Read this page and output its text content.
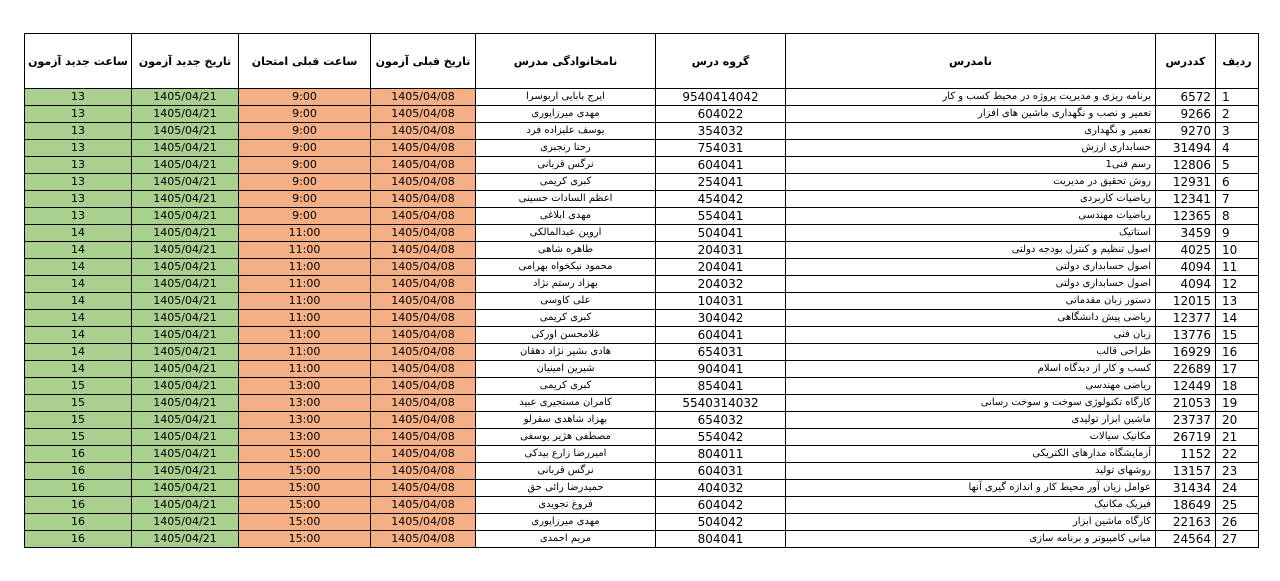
ساعت جدید آزمون	تاریخ جدید آزمون	ساعت قبلی امتحان	تاریخ قبلی آزمون	نامخانوادگی مدرس	گروه درس	نامدرس	كددرس	رديف
13	1405/04/21	9:00	1405/04/08	ایرج بابایی اربوسرا	9540414042	برنامه ریزی و مدیریت پروژه در محیط کسب و کار	6572	1
13	1405/04/21	9:00	1405/04/08	مهدی میرزاپوری	604022	تعمیر و نصب و نگهداری ماشین های افزار	9266	2
13	1405/04/21	9:00	1405/04/08	یوسف علیزاده فرد	354032	تعمیر و نگهداری	9270	3
13	1405/04/21	9:00	1405/04/08	رحنا رنجبری	754031	حسابداری ارزش	31494	4
13	1405/04/21	9:00	1405/04/08	نرگس قربانی	604041	رسم فنی1	12806	5
13	1405/04/21	9:00	1405/04/08	کبری کریمی	254041	روش تحقیق در مدیریت	12931	6
13	1405/04/21	9:00	1405/04/08	اعظم السادات حسینی	454042	ریاضیات کاربردی	12341	7
13	1405/04/21	9:00	1405/04/08	مهدی ابلاغی	554041	ریاضیات مهندسی	12365	8
14	1405/04/21	11:00	1405/04/08	اروین عبدالمالکی	504041	استاتیک	3459	9
14	1405/04/21	11:00	1405/04/08	طاهره شاهی	204031	اصول تنظیم و کنترل بودجه دولتی	4025	10
14	1405/04/21	11:00	1405/04/08	محمود نیکخواه بهرامی	204041	اصول حسابداری دولتی	4094	11
14	1405/04/21	11:00	1405/04/08	بهزاد رستم نژاد	204032	اصول حسابداری دولتی	4094	12
14	1405/04/21	11:00	1405/04/08	علی کاوسی	104031	دستور زبان مقدماتی	12015	13
14	1405/04/21	11:00	1405/04/08	کبری کریمی	304042	ریاضی پیش دانشگاهی	12377	14
14	1405/04/21	11:00	1405/04/08	غلامحسن اورکی	604041	زبان فنی	13776	15
14	1405/04/21	11:00	1405/04/08	هادی بشیر نژاد دهقان	654031	طراحی قالب	16929	16
14	1405/04/21	11:00	1405/04/08	شیرین امینیان	904041	کسب و کار از دیدگاه اسلام	22689	17
15	1405/04/21	13:00	1405/04/08	کبری کریمی	854041	ریاضی مهندسی	12449	18
15	1405/04/21	13:00	1405/04/08	کامران مستجیری عبید	5540314032	کارگاه تکنولوژی سوخت و سوخت رسانی	21053	19
15	1405/04/21	13:00	1405/04/08	بهزاد شاهدی سقرلو	654032	ماشین ابزار تولیدی	23737	20
15	1405/04/21	13:00	1405/04/08	مصطفی هژیر یوسفی	554042	مکانیک سیالات	26719	21
16	1405/04/21	15:00	1405/04/08	امیررضا زارع بیدکی	804011	آزمایشگاه مدارهای الکتریکی	1152	22
16	1405/04/21	15:00	1405/04/08	نرگس قربانی	604031	روشهای تولید	13157	23
16	1405/04/21	15:00	1405/04/08	حمیدرضا رائی حق	404032	عوامل زیان آور محیط کار و اندازه گیری آنها	31434	24
16	1405/04/21	15:00	1405/04/08	فروغ تجویدی	604042	فیزیک مکانیک	18649	25
16	1405/04/21	15:00	1405/04/08	مهدی میرزاپوری	504042	کارگاه ماشین ابزار	22163	26
16	1405/04/21	15:00	1405/04/08	مریم احمدی	804041	مبانی کامپیوتر و برنامه سازی	24564	27
